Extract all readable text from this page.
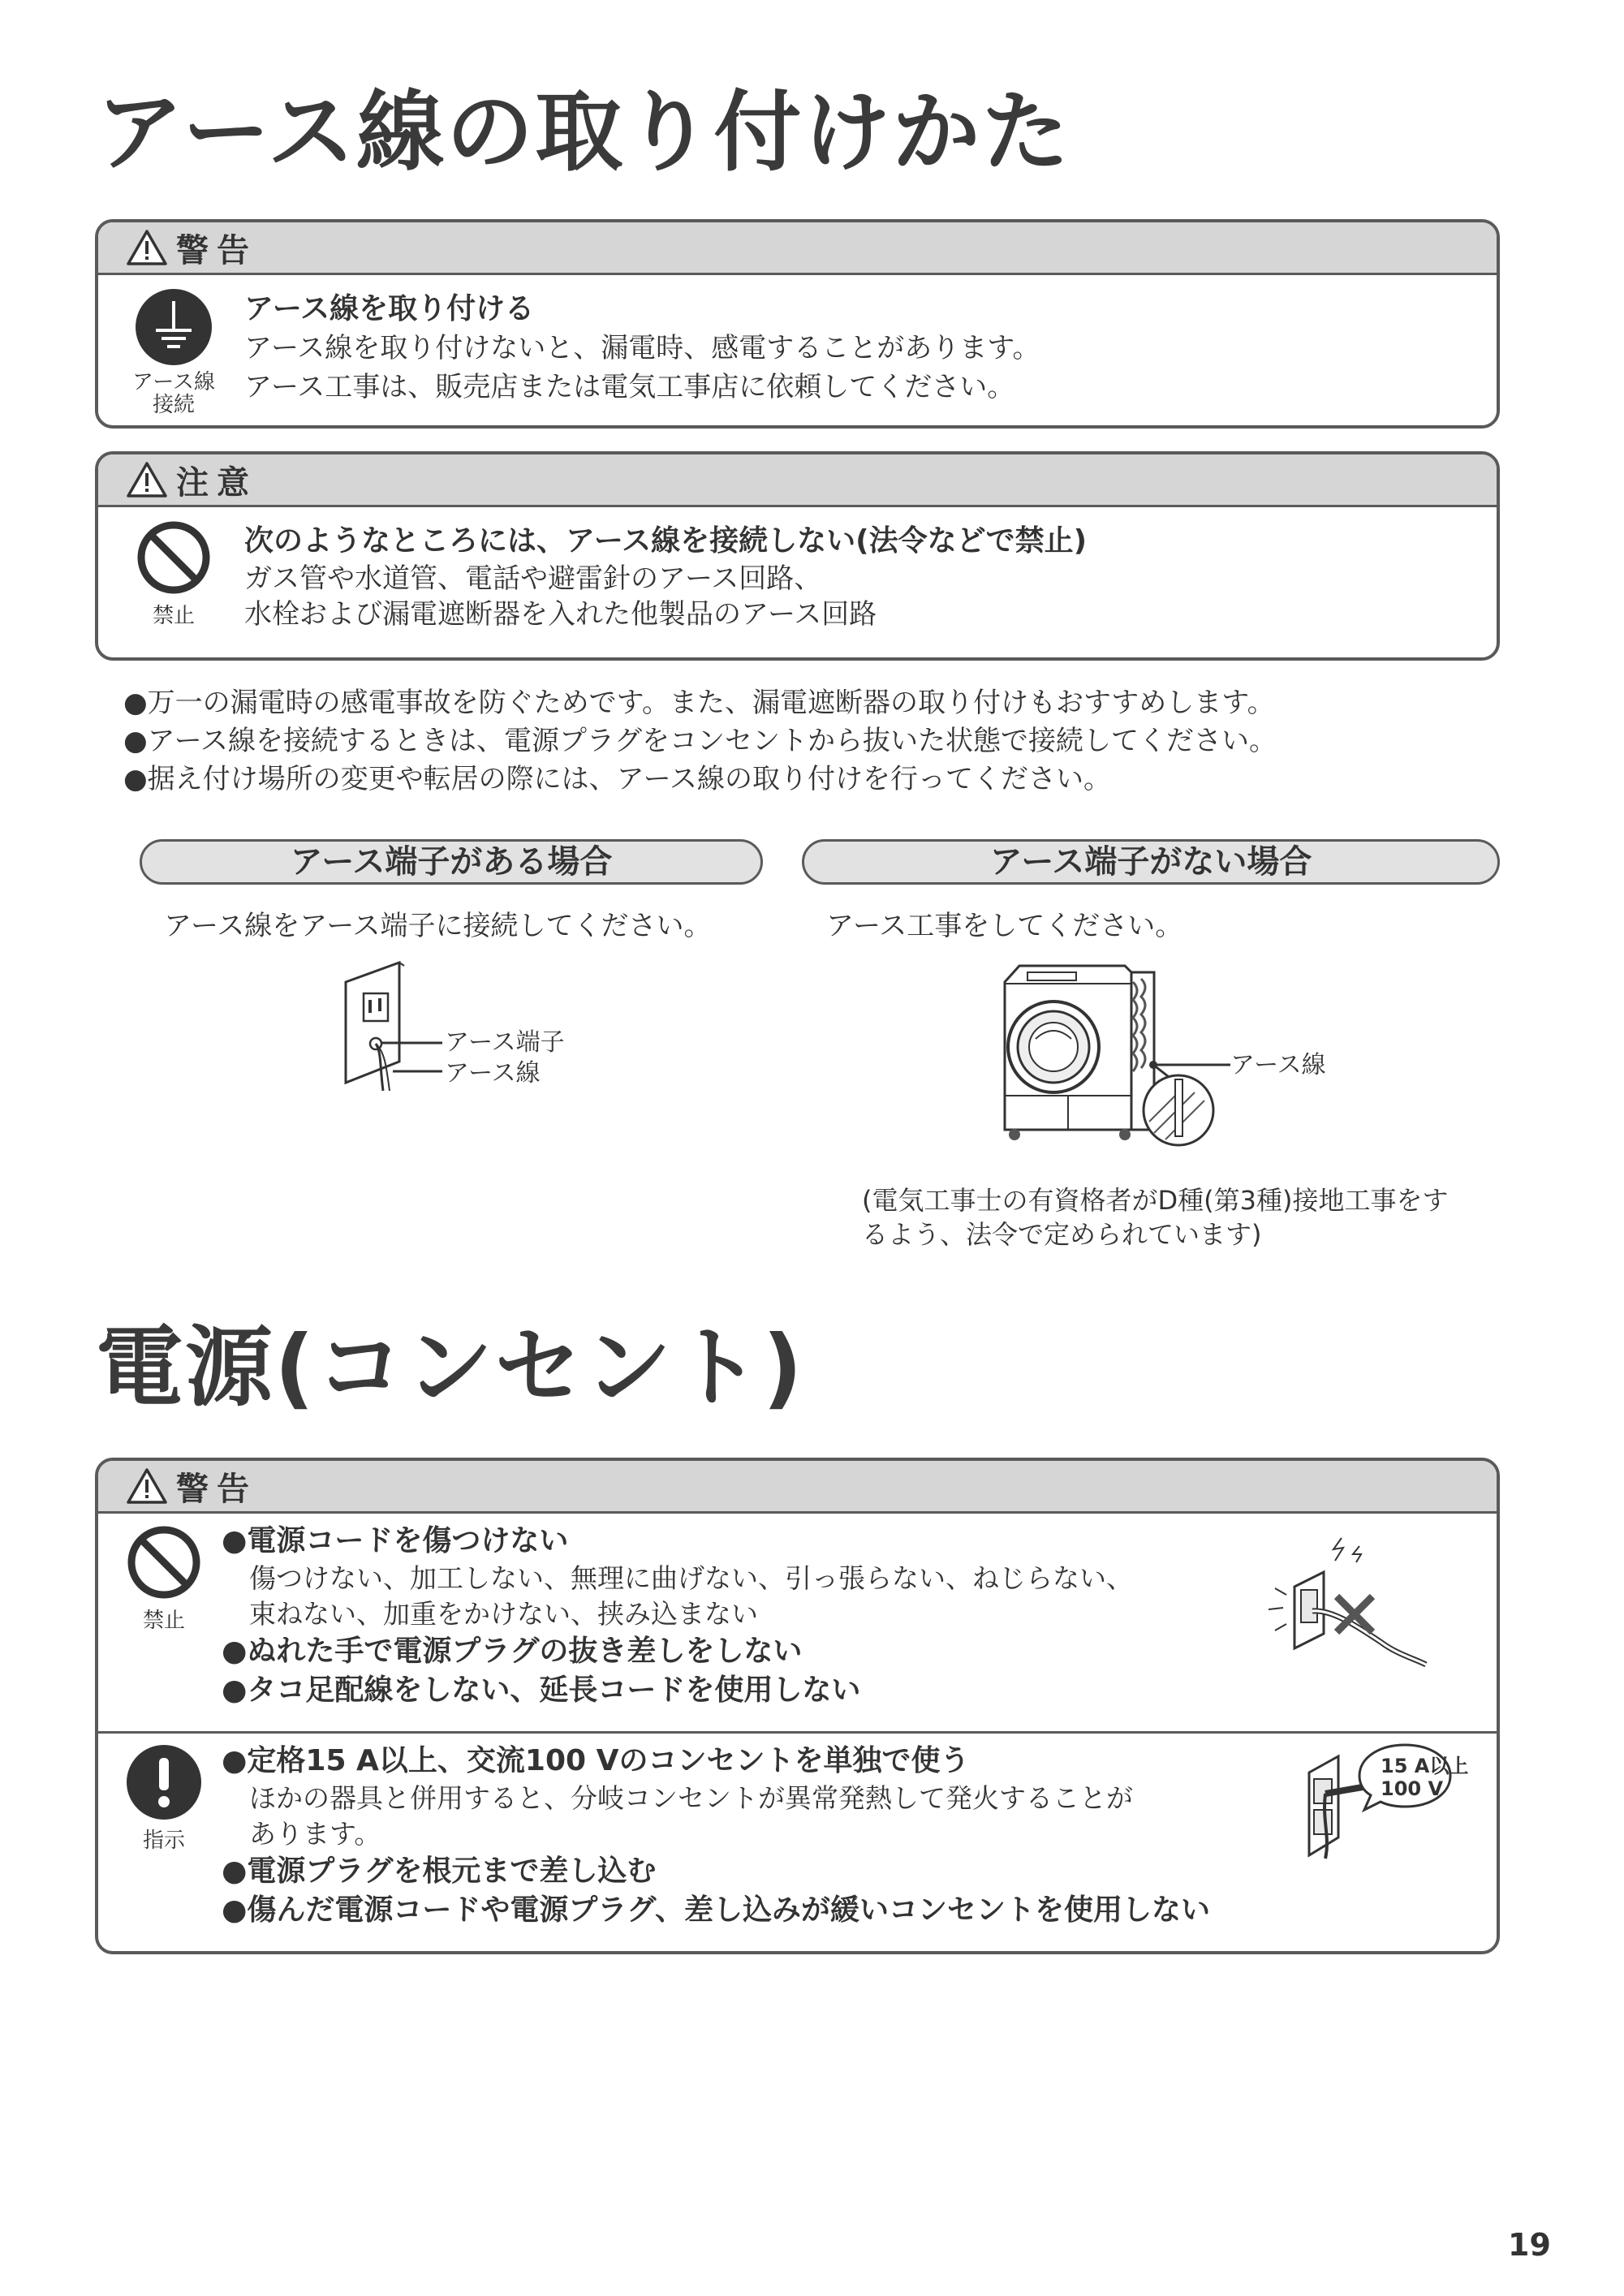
アース線の取り付けかた
警告
アース線
接続
アース線を取り付ける
アース線を取り付けないと、漏電時、感電することがあります。
アース工事は、販売店または電気工事店に依頼してください。
注意
禁止
次のようなところには、アース線を接続しない(法令などで禁止)
ガス管や水道管、電話や避雷針のアース回路、
水栓および漏電遮断器を入れた他製品のアース回路
●万一の漏電時の感電事故を防ぐためです。また、漏電遮断器の取り付けもおすすめします。
●アース線を接続するときは、電源プラグをコンセントから抜いた状態で接続してください。
●据え付け場所の変更や転居の際には、アース線の取り付けを行ってください。
アース端子がある場合	アース端子がない場合

アース線をアース端子に接続してください。	アース工事をしてください。

アース端子
アース線	アース線
(電気工事士の有資格者がD種(第3種)接地工事をす
るよう、法令で定められています)
電源(コンセント)
警告
禁止
●電源コードを傷つけない
傷つけない、加工しない、無理に曲げない、引っ張らない、ねじらない、
束ねない、加重をかけない、挟み込まない
●ぬれた手で電源プラグの抜き差しをしない
●タコ足配線をしない、延長コードを使用しない
指示
●定格15 A以上、交流100 Vのコンセントを単独で使う
ほかの器具と併用すると、分岐コンセントが異常発熱して発火することが
あります。
●電源プラグを根元まで差し込む
●傷んだ電源コードや電源プラグ、差し込みが緩いコンセントを使用しない
15 A以上
100 V
19
